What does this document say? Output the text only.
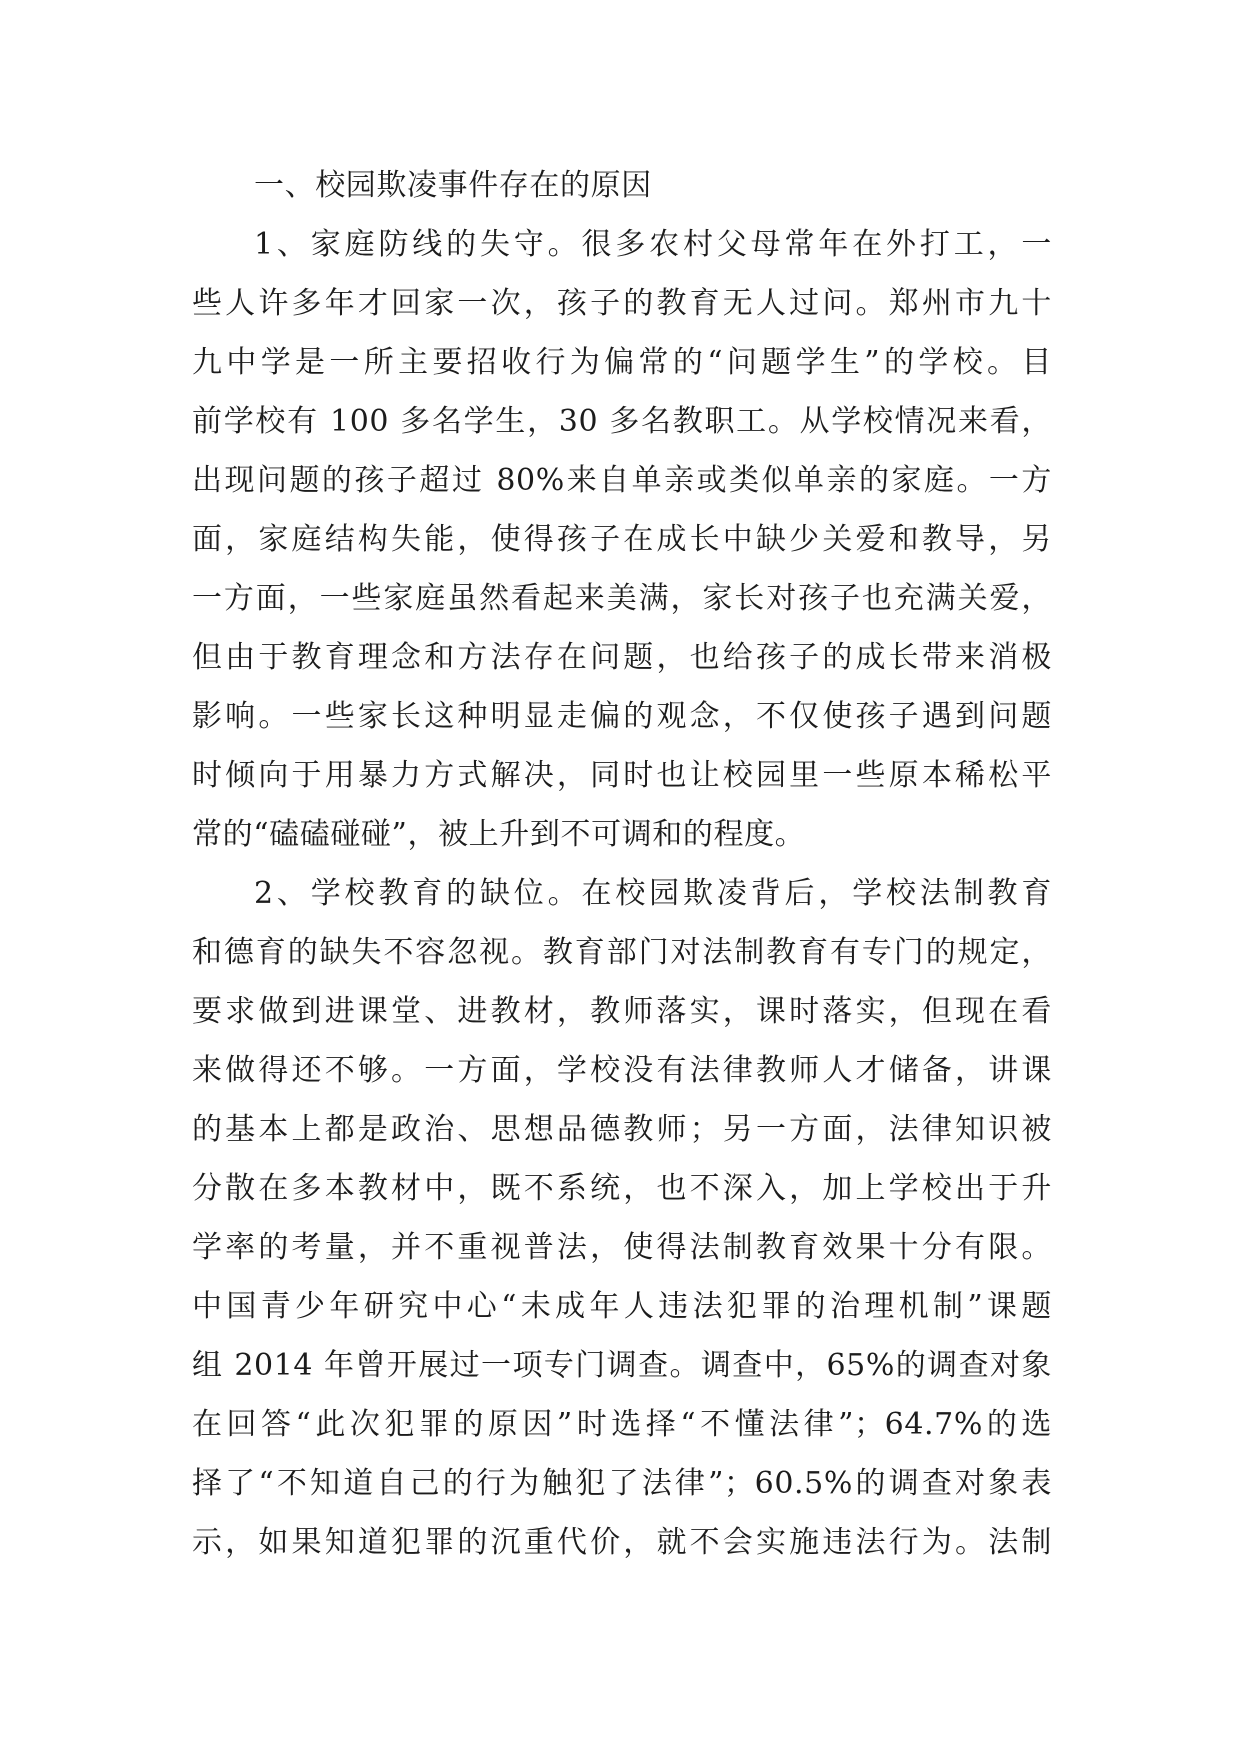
一、校园欺凌事件存在的原因
1、家庭防线的失守。很多农村父母常年在外打工，一
些人许多年才回家一次，孩子的教育无人过问。郑州市九十
九中学是一所主要招收行为偏常的“问题学生”的学校。目
前学校有 100 多名学生，30 多名教职工。从学校情况来看，
出现问题的孩子超过 80%来自单亲或类似单亲的家庭。一方
面，家庭结构失能，使得孩子在成长中缺少关爱和教导，另
一方面，一些家庭虽然看起来美满，家长对孩子也充满关爱，
但由于教育理念和方法存在问题，也给孩子的成长带来消极
影响。一些家长这种明显走偏的观念，不仅使孩子遇到问题
时倾向于用暴力方式解决，同时也让校园里一些原本稀松平
常的“磕磕碰碰”，被上升到不可调和的程度。
2、学校教育的缺位。在校园欺凌背后，学校法制教育
和德育的缺失不容忽视。教育部门对法制教育有专门的规定，
要求做到进课堂、进教材，教师落实，课时落实，但现在看
来做得还不够。一方面，学校没有法律教师人才储备，讲课
的基本上都是政治、思想品德教师；另一方面，法律知识被
分散在多本教材中，既不系统，也不深入，加上学校出于升
学率的考量，并不重视普法，使得法制教育效果十分有限。
中国青少年研究中心“未成年人违法犯罪的治理机制”课题
组 2014 年曾开展过一项专门调查。调查中，65%的调查对象
在回答“此次犯罪的原因”时选择“不懂法律”；64.7%的选
择了“不知道自己的行为触犯了法律”；60.5%的调查对象表
示，如果知道犯罪的沉重代价，就不会实施违法行为。法制
